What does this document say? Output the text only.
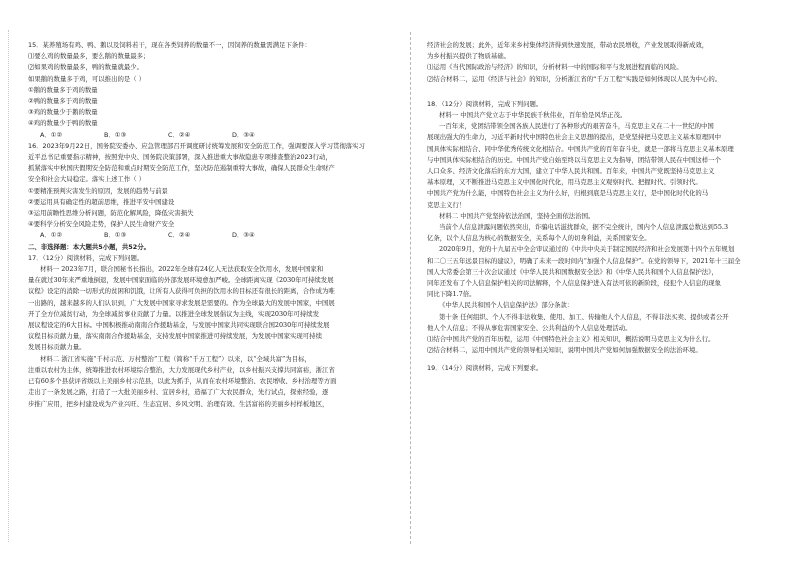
15．某养殖场有鸡、鸭、鹅以及饲料若干，现在各类饲养的数量不一，因饲养的数量需满足下条件：
⑴要么鸡的数量最多，要么鹅的数量最多；
⑵如果鸡的数量最多，鸭的数量就最少。
如果鹅的数量多于鸡，可以推出的是（ ）
①鹅的数量多于鸡的数量
②鸭的数量多于鸡的数量
③鸡的数量少于鹅的数量
④鸡的数量少于鸭的数量
A．①②	B．①③	C．②④	D．③④
16．2023年9月22日，国务院安委办、应急管理部召开调度研讨统筹发展和安全防范工作，强调要深入学习贯彻落实习
近平总书记重要指示精神，按照党中央、国务院决策部署，深入推进重大事故隐患专项排查整治2023行动，
抓紧落实中秋国庆假期安全防范和重点时期安全防范工作，坚决防范遏制重特大事故，确保人民群众生命财产
安全和社会大局稳定。落实上述工作（ ）
①要精准预判灾害发生的原因，发展的趋势与前景
②要运用具有确定性的超前思维，推进平安中国建设
③运用前瞻性思维分析问题，防范化解风险，降低灾害损失
④要科学分析安全风险走势，保护人民生命财产安全
A．①②	B．①③	C．②④	D．③④
二、非选择题：本大题共5小题，共52分。
17．（12分）阅读材料，完成下列问题。
材料一 2023年7月，联合国秘书长指出，2022年全球有24亿人无法获取安全饮用水，发展中国家和
量在就过30年来严重地倒退，发展中国家面临的外部发展环境愈加严峻。全球距离实现《2030年可持续发展
议程》设定的消除一切形式的贫困和饥饿，让所有人获得可负担的饮用水的目标还有很长的距离，合作成为唯
一出路的，越来越多的人们认识到，广大发展中国家寻求发展是需要的。作为全球最大的发展中国家，中国展
开了全方位减贫行动，为全球减贫事业贡献了力量。以推进全球发展倡议为主线，实现2030年可持续发
展议程设定的6大目标。中国积极推动南南合作援助基金，与发展中国家共同实现联合国2030年可持续发展
议程目标贡献力量，落实南南合作援助基金，支持发展中国家推进可持续发展，为发展中国家实现可持续
发展目标贡献力量。
材料二 浙江省实施“千村示范、万村整治”工程（简称“千万工程”）以来，以“全域共富”为目标，
注重以农村为主体，统筹推进农村环境综合整治，大力发展现代乡村产业，以乡村振兴支撑共同富裕，浙江省
已有60多个县获评省级以上美丽乡村示范县，以此为抓手，从而在农村环境整治、农民增收、乡村治理等方面
走出了一条发展之路，打造了一大批美丽乡村、宜居乡村，造福了广大农民群众，先行试点，探索经验，逐
步推广应用，把乡村建设成为产业兴旺、生态宜居、乡风文明、治理有效、生活富裕的美丽乡村样板地区，
经济社会的发展；此外，近年来乡村集体经济得到快速发展，带动农民增收，产业发展取得新成效，
为乡村振兴提供了物质基础。
⑴运用《当代国际政治与经济》的知识，分析材料一中的国际和平与发展进程面临的风险。
⑵结合材料二，运用《经济与社会》的知识，分析浙江省的“千万工程”实践是如何体现以人民为中心的。
18．（12分）阅读材料，完成下列问题。
材料一 中国共产党立志于中华民族千秋伟业，百年恰是风华正茂。
一百年来，党团结带领全国各族人民进行了各种形式的艰苦奋斗，马克思主义在二十一世纪的中国
展现出强大的生命力，习近平新时代中国特色社会主义思想的提出，是党坚持把马克思主义基本原理同中
国具体实际相结合、同中华优秀传统文化相结合。中国共产党的百年奋斗史，就是一部将马克思主义基本原理
与中国具体实际相结合的历史。中国共产党自始至终以马克思主义为指导，团结带领人民在中国这样一个
人口众多、经济文化落后的东方大国，建立了中华人民共和国。百年来，中国共产党既坚持马克思主义
基本原理，又不断推进马克思主义中国化时代化，用马克思主义观察时代、把握时代、引领时代。
中国共产党为什么能，中国特色社会主义为什么好，归根到底是马克思主义行，是中国化时代化的马
克思主义行！
材料二 中国共产党坚持依法治国，坚持全面依法治国。
当前个人信息泄露问题依然突出，诈骗电话滋扰群众，据不完全统计，国内个人信息泄露总数达到55.3
亿条，以个人信息为核心的数据安全，关系每个人的切身利益，关系国家安全。
2020年9月，党的十九届五中全会审议通过的《中共中央关于制定国民经济和社会发展第十四个五年规划
和二〇三五年远景目标的建议》，明确了未来一段时间内“加强个人信息保护”。在党的领导下，2021年十三届全
国人大常委会第三十次会议通过《中华人民共和国数据安全法》和《中华人民共和国个人信息保护法》，
同年还发布了个人信息保护相关的司法解释，个人信息保护进入有法可依的新阶段，侵犯个人信息的现象
同比下降1.7倍。
《中华人民共和国个人信息保护法》部分条款：
第十条 任何组织、个人不得非法收集、使用、加工、传输他人个人信息，不得非法买卖、提供或者公开
他人个人信息；不得从事危害国家安全、公共利益的个人信息处理活动。
⑴结合中国共产党的百年历程，运用《中国特色社会主义》相关知识，概括说明马克思主义为什么行。
⑵结合材料二，运用中国共产党的领导相关知识，说明中国共产党如何加强数据安全的法治环境。
19．（14分）阅读材料，完成下列要求。
